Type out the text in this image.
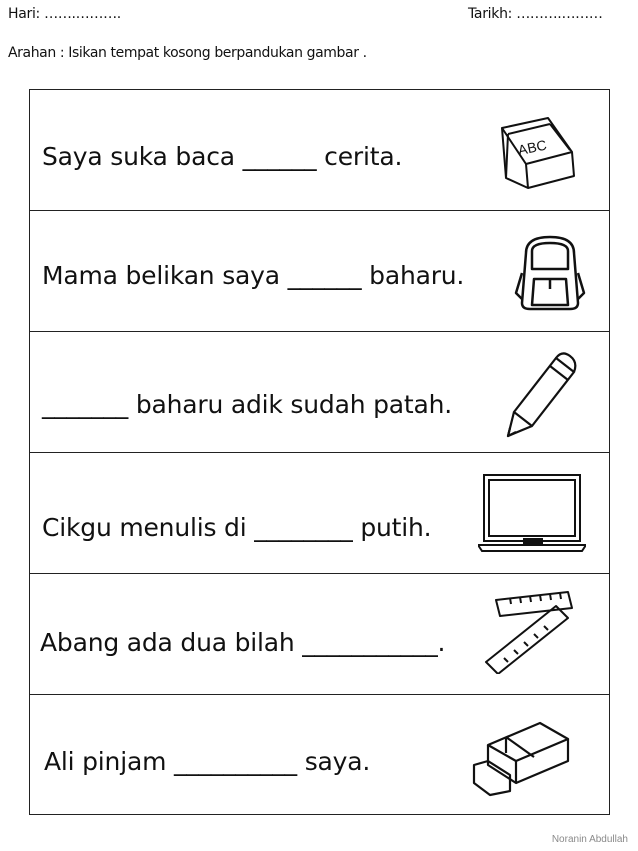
Hari: …….……….	Tarikh: ……….………
Arahan : Isikan tempat kosong berpandukan gambar .
Saya suka baca ______ cerita.	ABC
Mama belikan saya ______ baharu.
_______ baharu adik sudah patah.
Cikgu menulis di ________ putih.
Abang ada dua bilah ___________.
Ali pinjam __________ saya.
Noranin Abdullah
